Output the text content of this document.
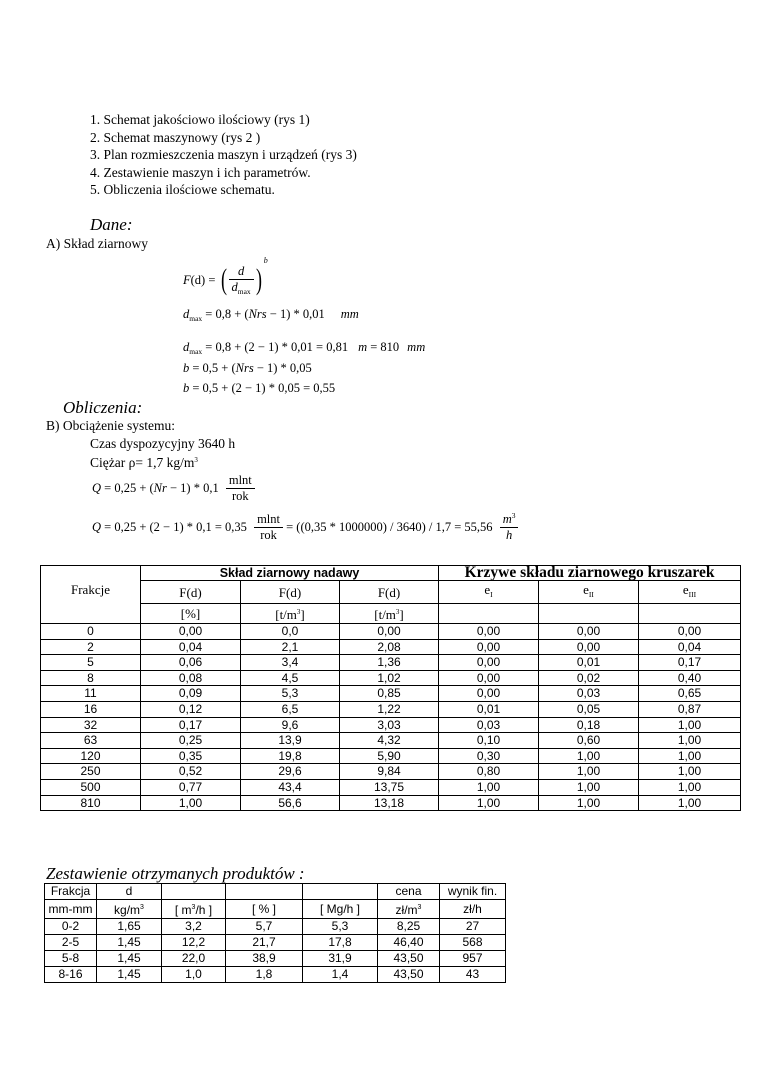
1. Schemat jakościowo ilościowy (rys 1)
2. Schemat maszynowy (rys 2 )
3. Plan rozmieszczenia maszyn i urządzeń (rys 3)
4. Zestawienie maszyn i ich parametrów.
5. Obliczenia ilościowe schematu.
Dane:
A) Skład ziarnowy
F(d) = ( $\frac{d}{d_{max}} )b$
$d_{max} = 0,8 + (Nrs - 1) * 0,01$ mm
$d_{max} = 0,8 + (2 - 1) * 0,01 = 0,81$ m = 810 mm
b = 0,5 + (Nrs − 1) * 0,05
b = 0,5 + (2 − 1) * 0,05 = 0,55
Obliczenia:
B) Obciążenie systemu:
Czas dyspozycyjny 3640 h
Ciężar ρ= 1,7 $kg/m^3$
$Q = 0,25 + (Nr - 1) * 0,1 \frac{mlnt}{\text{rok}}$
$Q = 0,25 + (2 - 1) * 0,1 = 0,35 \frac{mlnt}{\text{rok}} = ((0,35 * 1000000) / 3640) / 1,7 = 55,56 \frac{m^3}{h}$
	Skład ziarnowy nadawy			Krzywe składu ziarnowego kruszarek		
Frakcje	F(d)	F(d)	F(d)	$e_I$	$e_{II}$	$e_{III}$
	[%]	$[t/m^3]$	$[t/m^3]$			
0	0,00	0,0	0,00	0,00	0,00	0,00
2	0,04	2,1	2,08	0,00	0,00	0,04
5	0,06	3,4	1,36	0,00	0,01	0,17
8	0,08	4,5	1,02	0,00	0,02	0,40
11	0,09	5,3	0,85	0,00	0,03	0,65
16	0,12	6,5	1,22	0,01	0,05	0,87
32	0,17	9,6	3,03	0,03	0,18	1,00
63	0,25	13,9	4,32	0,10	0,60	1,00
120	0,35	19,8	5,90	0,30	1,00	1,00
250	0,52	29,6	9,84	0,80	1,00	1,00
500	0,77	43,4	13,75	1,00	1,00	1,00
810	1,00	56,6	13,18	1,00	1,00	1,00
Zestawienie otrzymanych produktów :
Frakcja	d				cena	wynik fin.
mm-mm	$kg/m^3$	[ $m^3/h$ ]	[ % ]	[ Mg/h ]	$zł/m^3$	zł/h
0-2	1,65	3,2	5,7	5,3	8,25	27
2-5	1,45	12,2	21,7	17,8	46,40	568
5-8	1,45	22,0	38,9	31,9	43,50	957
8-16	1,45	1,0	1,8	1,4	43,50	43
